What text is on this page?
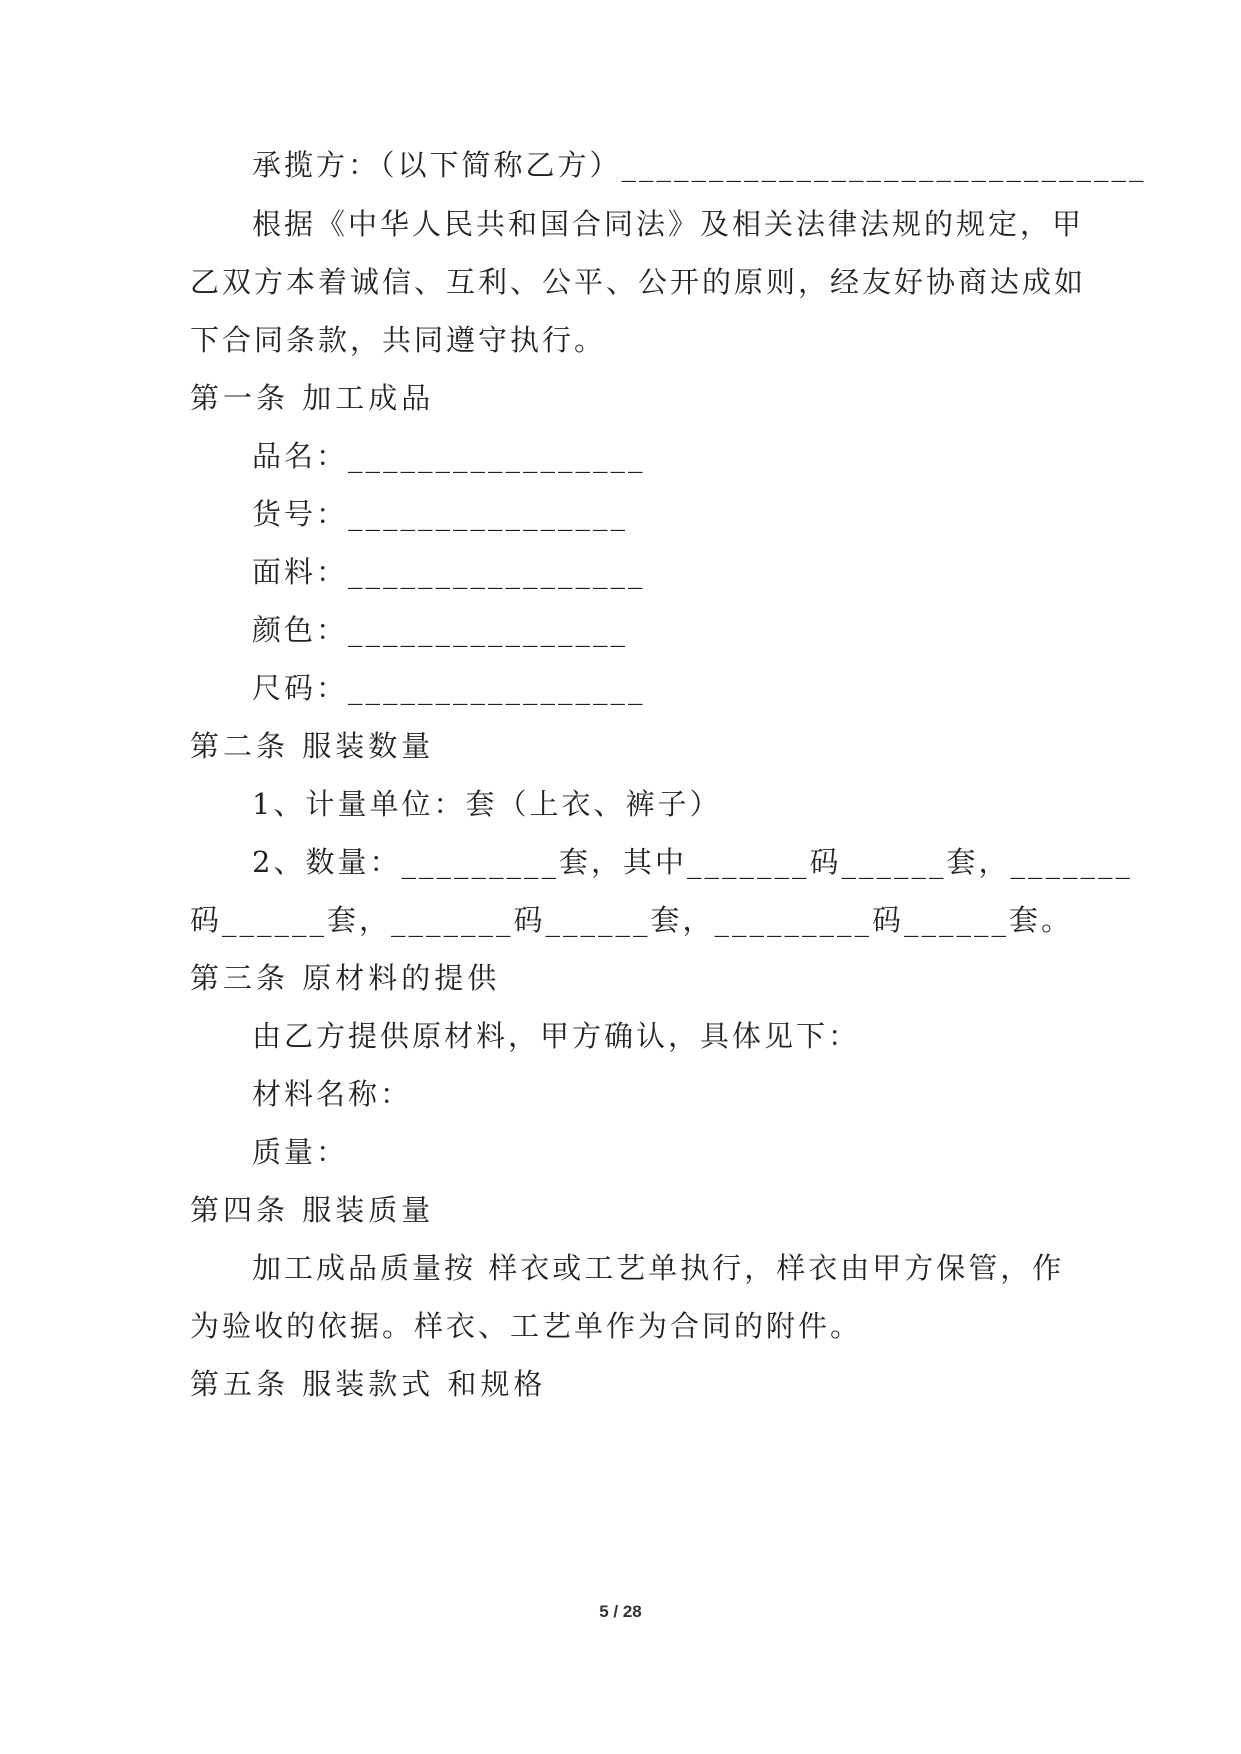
承揽方：（以下简称乙方）______________________________
根据《中华人民共和国合同法》及相关法律法规的规定，甲
乙双方本着诚信、互利、公平、公开的原则，经友好协商达成如
下合同条款，共同遵守执行。
第一条 加工成品
品名：_________________
货号：________________
面料：_________________
颜色：________________
尺码：_________________
第二条 服装数量
1、计量单位：套（上衣、裤子）
2、数量：_________套，其中_______码______套，_______
码______套，_______码______套，_________码______套。
第三条 原材料的提供
由乙方提供原材料，甲方确认，具体见下：
材料名称：
质量：
第四条 服装质量
加工成品质量按 样衣或工艺单执行，样衣由甲方保管，作
为验收的依据。样衣、工艺单作为合同的附件。
第五条 服装款式 和规格
5 / 28
